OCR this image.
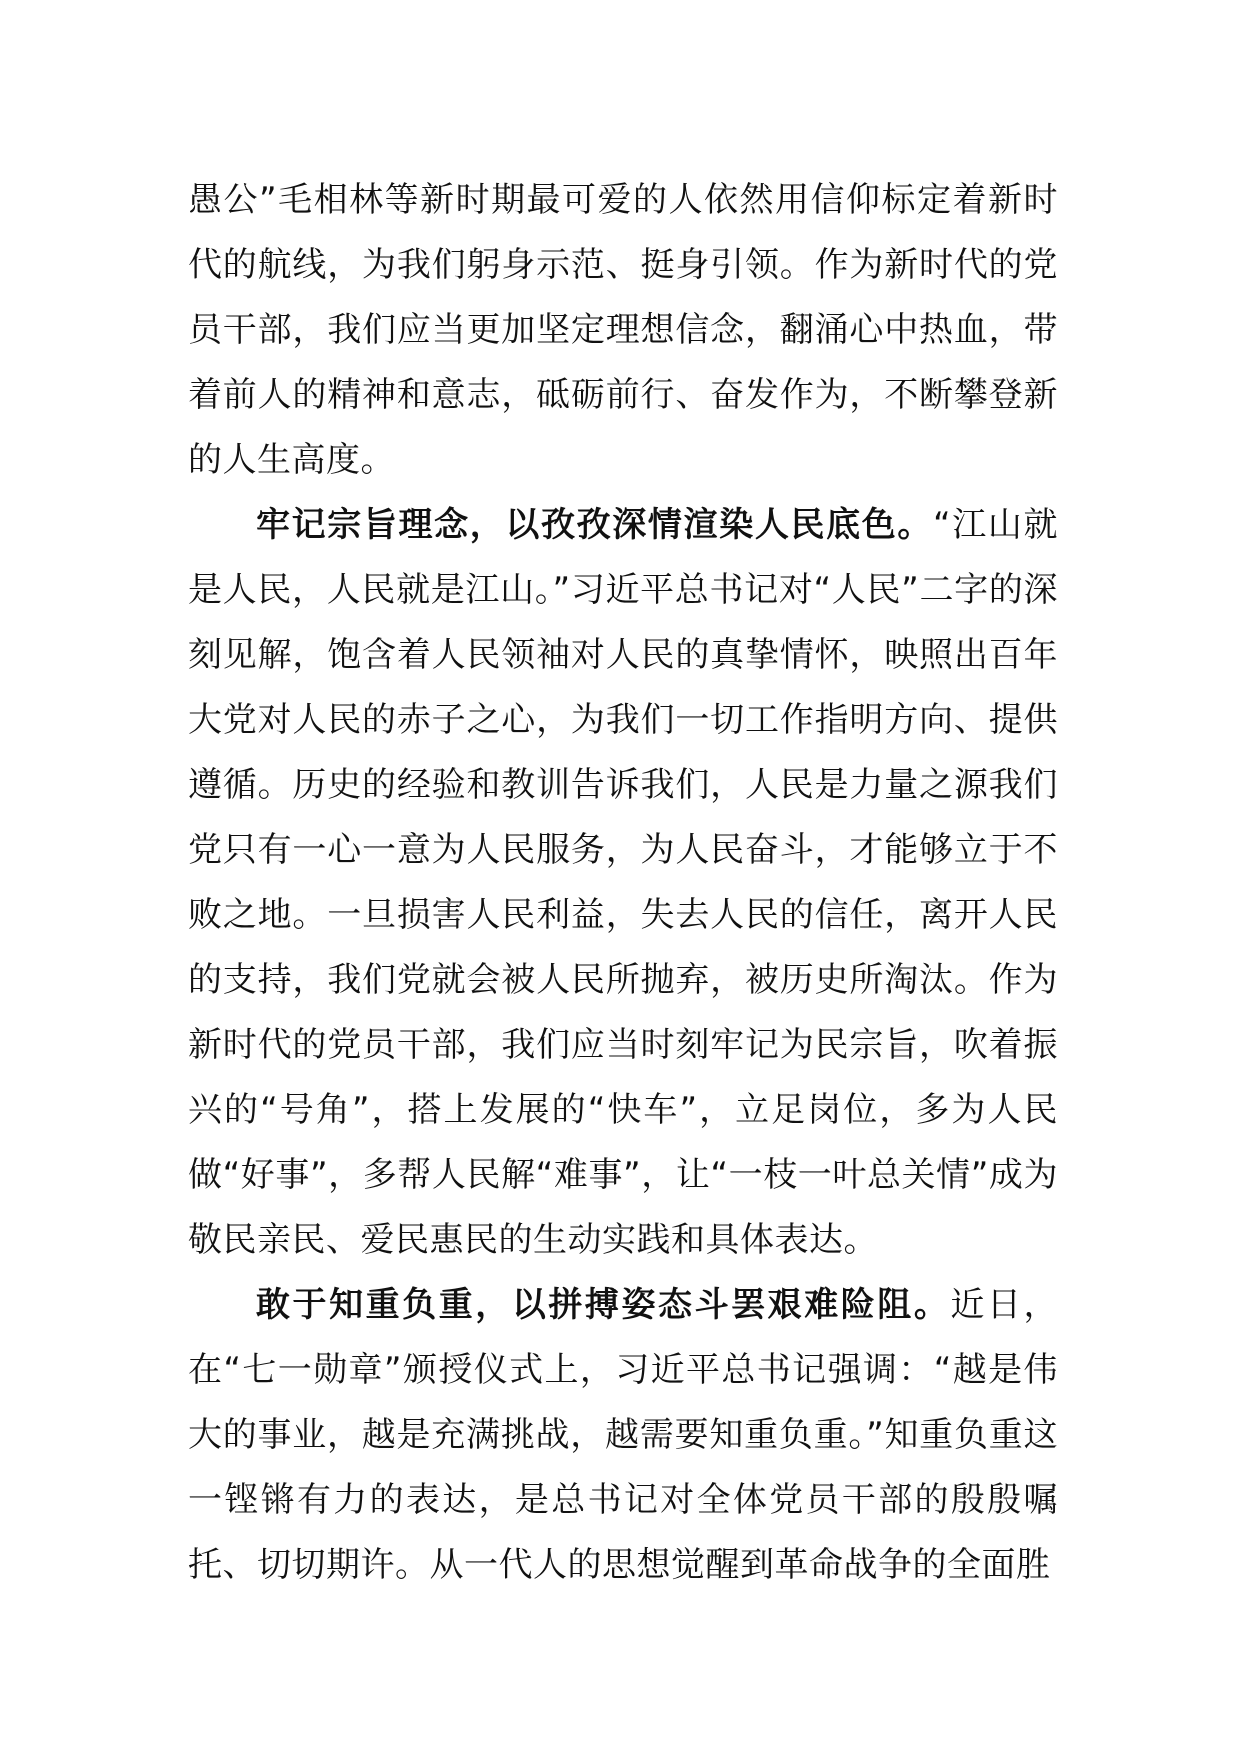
愚公”毛相林等新时期最可爱的人依然用信仰标定着新时代的航线，为我们躬身示范、挺身引领。作为新时代的党员干部，我们应当更加坚定理想信念，翻涌心中热血，带着前人的精神和意志，砥砺前行、奋发作为，不断攀登新的人生高度。

牢记宗旨理念，以孜孜深情渲染人民底色。“江山就是人民，人民就是江山。”习近平总书记对“人民”二字的深刻见解，饱含着人民领袖对人民的真挚情怀，映照出百年大党对人民的赤子之心，为我们一切工作指明方向、提供遵循。历史的经验和教训告诉我们，人民是力量之源我们党只有一心一意为人民服务，为人民奋斗，才能够立于不败之地。一旦损害人民利益，失去人民的信任，离开人民的支持，我们党就会被人民所抛弃，被历史所淘汰。作为新时代的党员干部，我们应当时刻牢记为民宗旨，吹着振兴的“号角”，搭上发展的“快车”，立足岗位，多为人民做“好事”，多帮人民解“难事”，让“一枝一叶总关情”成为敬民亲民、爱民惠民的生动实践和具体表达。

敢于知重负重，以拼搏姿态斗罢艰难险阻。近日，在“七一勋章”颁授仪式上，习近平总书记强调：“越是伟大的事业，越是充满挑战，越需要知重负重。”知重负重这一铿锵有力的表达，是总书记对全体党员干部的殷殷嘱托、切切期许。从一代人的思想觉醒到革命战争的全面胜
